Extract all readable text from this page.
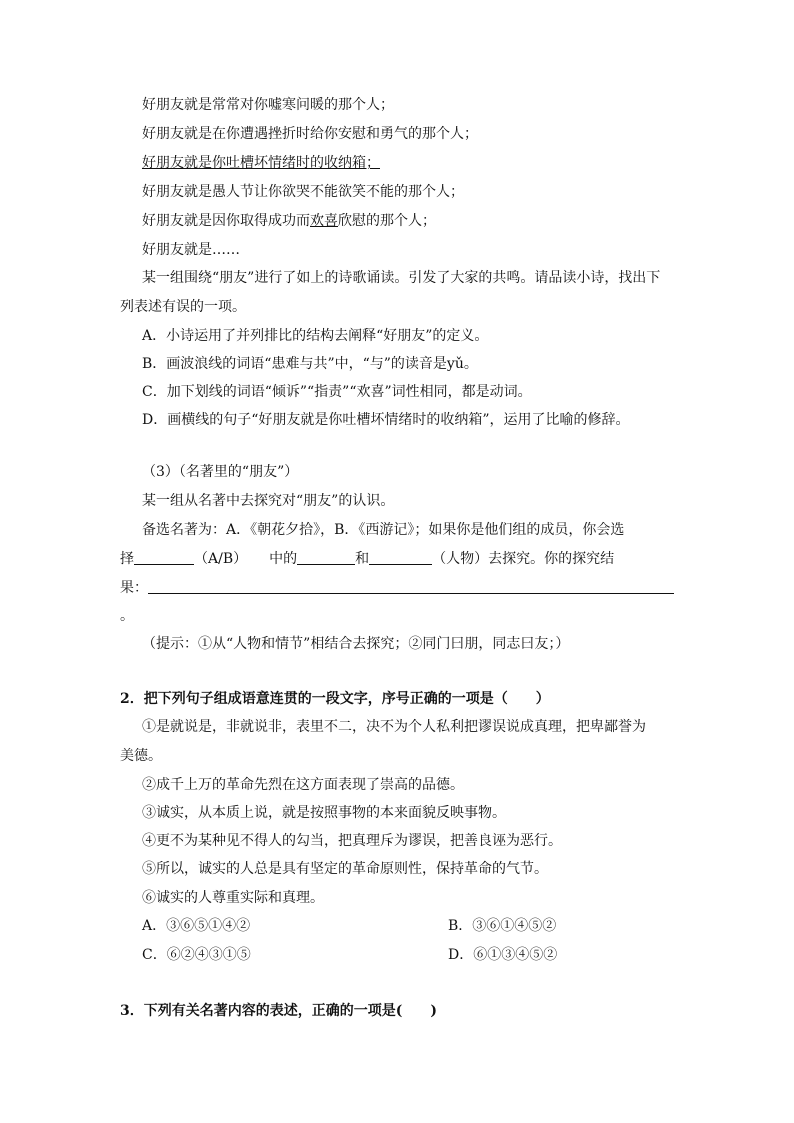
好朋友就是常常对你嘘寒问暖的那个人；
好朋友就是在你遭遇挫折时给你安慰和勇气的那个人；
好朋友就是你吐槽坏情绪时的收纳箱；
好朋友就是愚人节让你欲哭不能欲笑不能的那个人；
好朋友就是因你取得成功而欢喜欣慰的那个人；
好朋友就是……
某一组围绕“朋友”进行了如上的诗歌诵读。引发了大家的共鸣。请品读小诗，找出下
列表述有误的一项。
A．小诗运用了并列排比的结构去阐释“好朋友”的定义。
B．画波浪线的词语“患难与共”中，“与”的读音是yǔ。
C．加下划线的词语“倾诉”“指责”“欢喜”词性相同，都是动词。
D．画横线的句子“好朋友就是你吐槽坏情绪时的收纳箱”，运用了比喻的修辞。
（3）（名著里的“朋友”）
某一组从名著中去探究对“朋友”的认识。
备选名著为：A．《朝花夕拾》，B．《西游记》；如果你是他们组的成员，你会选
择	（A/B） 中的	和	（人物）去探究。你的探究结
果：
。
（提示：①从“人物和情节”相结合去探究；②同门曰朋，同志曰友；）
2．把下列句子组成语意连贯的一段文字，序号正确的一项是（　　）
①是就说是，非就说非，表里不二，决不为个人私利把谬误说成真理，把卑鄙誉为
美德。
②成千上万的革命先烈在这方面表现了崇高的品德。
③诚实，从本质上说，就是按照事物的本来面貌反映事物。
④更不为某种见不得人的勾当，把真理斥为谬误，把善良诬为恶行。
⑤所以，诚实的人总是具有坚定的革命原则性，保持革命的气节。
⑥诚实的人尊重实际和真理。
A．③⑥⑤①④②	B．③⑥①④⑤②
C．⑥②④③①⑤	D．⑥①③④⑤②
3．下列有关名著内容的表述，正确的一项是(　　)
